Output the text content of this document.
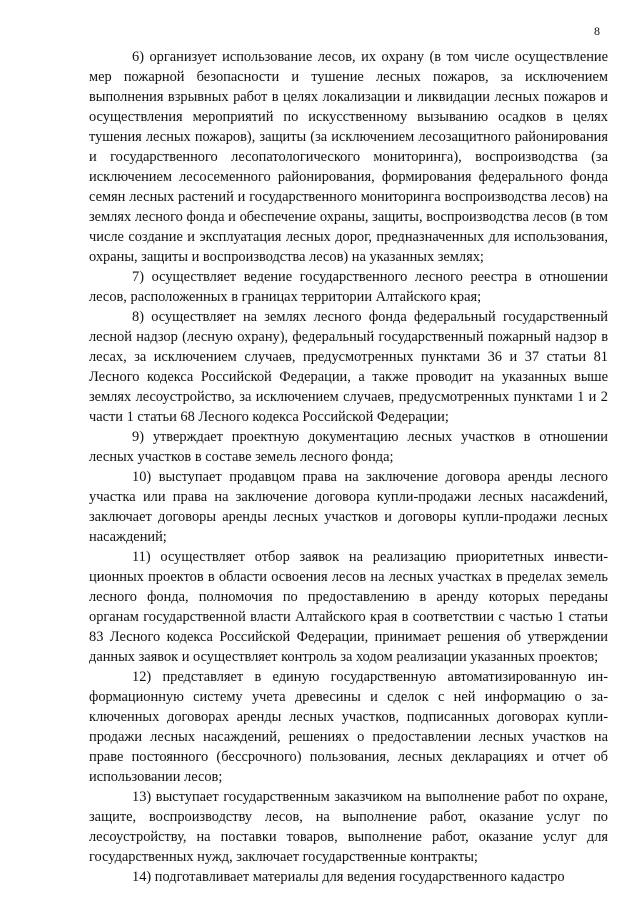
8

6) организует использование лесов, их охрану (в том числе осуществление мер пожарной безопасности и тушение лесных пожаров, за исключением выполнения взрывных работ в целях локализации и ликвидации лесных пожаров и осуществления мероприятий по искусственному вызыванию осадков в целях тушения лесных пожаров), защиты (за исключением лесозащитного районирования и государственного лесопатологического мониторинга), воспроизводства (за исключением лесосеменного районирования, формирования федерального фонда семян лесных растений и государственного мониторинга воспроизводства лесов) на землях лесного фонда и обеспечение охраны, защиты, воспроизводства лесов (в том числе создание и эксплуатация лесных дорог, предназначенных для использования, охраны, защиты и воспроизводства лесов) на указанных землях;

7) осуществляет ведение государственного лесного реестра в отношении лесов, расположенных в границах территории Алтайского края;

8) осуществляет на землях лесного фонда федеральный государственный лесной надзор (лесную охрану), федеральный государственный пожарный надзор в лесах, за исключением случаев, предусмотренных пунктами 36 и 37 статьи 81 Лесного кодекса Российской Федерации, а также проводит на указанных выше землях лесоустройство, за исключением случаев, предусмотренных пунктами 1 и 2 части 1 статьи 68 Лесного кодекса Российской Федерации;

9) утверждает проектную документацию лесных участков в отношении лесных участков в составе земель лесного фонда;

10) выступает продавцом права на заключение договора аренды лесного участка или права на заключение договора купли-продажи лесных насажdений, заключает договоры аренды лесных участков и договоры купли-продажи лесных насаждений;

11) осуществляет отбор заявок на реализацию приоритетных инвестиционных проектов в области освоения лесов на лесных участках в пределах земель лесного фонда, полномочия по предоставлению в аренду которых переданы органам государственной власти Алтайского края в соответствии с частью 1 статьи 83 Лесного кодекса Российской Федерации, принимает решения об утверждении данных заявок и осуществляет контроль за ходом реализации указанных проектов;

12) представляет в единую государственную автоматизированную информационную систему учета древесины и сделок с ней информацию о заключенных договорах аренды лесных участков, подписанных договорах купли-продажи лесных насаждений, решениях о предоставлении лесных участков на праве постоянного (бессрочного) пользования, лесных декларациях и отчет об использовании лесов;

13) выступает государственным заказчиком на выполнение работ по охране, защите, воспроизводству лесов, на выполнение работ, оказание услуг по лесоустройству, на поставки товаров, выполнение работ, оказание услуг для государственных нужд, заключает государственные контракты;

14) подготавливает материалы для ведения государственного кадастро
